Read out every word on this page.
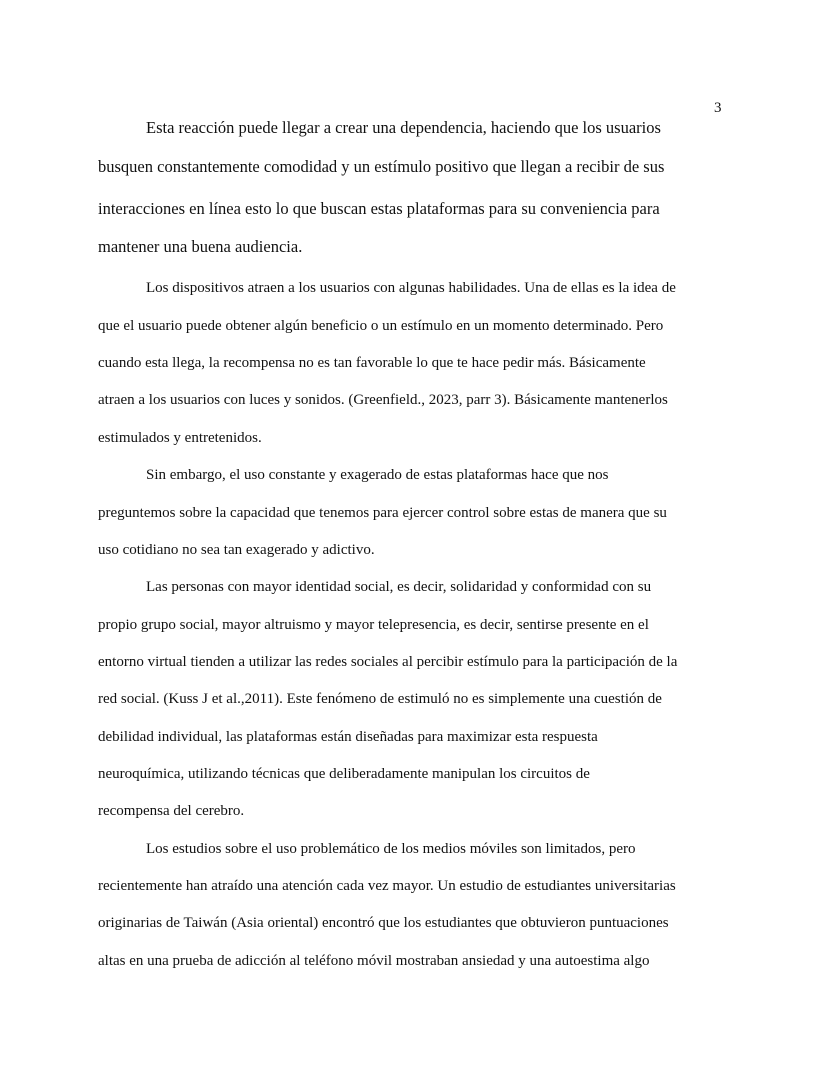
3
Esta reacción puede llegar a crear una dependencia, haciendo que los usuarios
busquen constantemente comodidad y un estímulo positivo que llegan a recibir de sus
interacciones en línea esto lo que buscan estas plataformas para su conveniencia para
mantener una buena audiencia.
Los dispositivos atraen a los usuarios con algunas habilidades. Una de ellas es la idea de
que el usuario puede obtener algún beneficio o un estímulo en un momento determinado. Pero
cuando esta llega, la recompensa no es tan favorable lo que te hace pedir más. Básicamente
atraen a los usuarios con luces y sonidos. (Greenfield., 2023, parr 3). Básicamente mantenerlos
estimulados y entretenidos.
Sin embargo, el uso constante y exagerado de estas plataformas hace que nos
preguntemos sobre la capacidad que tenemos para ejercer control sobre estas de manera que su
uso cotidiano no sea tan exagerado y adictivo.
Las personas con mayor identidad social, es decir, solidaridad y conformidad con su
propio grupo social, mayor altruismo y mayor telepresencia, es decir, sentirse presente en el
entorno virtual tienden a utilizar las redes sociales al percibir estímulo para la participación de la
red social. (Kuss J et al.,2011). Este fenómeno de estimuló no es simplemente una cuestión de
debilidad individual, las plataformas están diseñadas para maximizar esta respuesta
neuroquímica, utilizando técnicas que deliberadamente manipulan los circuitos de
recompensa del cerebro.
Los estudios sobre el uso problemático de los medios móviles son limitados, pero
recientemente han atraído una atención cada vez mayor. Un estudio de estudiantes universitarias
originarias de Taiwán (Asia oriental) encontró que los estudiantes que obtuvieron puntuaciones
altas en una prueba de adicción al teléfono móvil mostraban ansiedad y una autoestima algo
